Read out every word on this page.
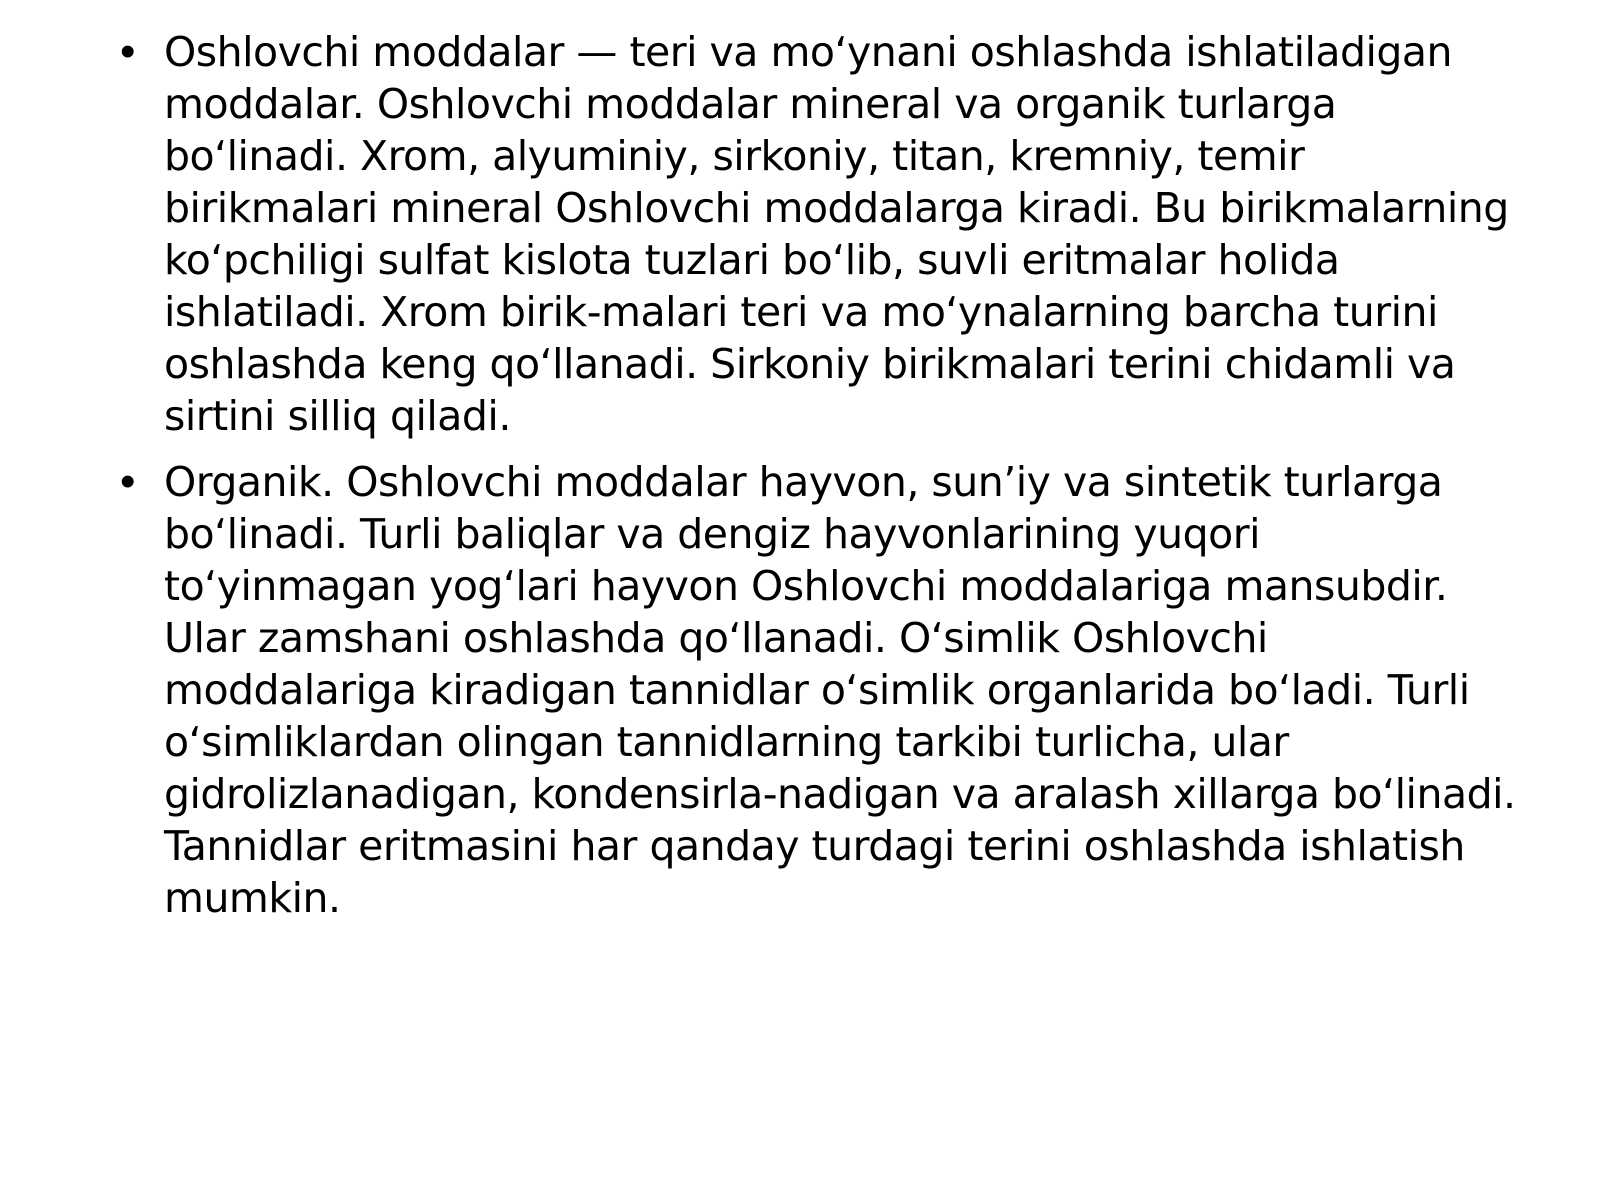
• Oshlovchi moddalar — teri va moʻynani oshlashda ishlatiladigan moddalar. Oshlovchi moddalar mineral va organik turlarga boʻlinadi. Xrom, alyuminiy, sirkoniy, titan, kremniy, temir birikmalari mineral Oshlovchi moddalarga kiradi. Bu birikmalarning koʻpchiligi sulfat kislota tuzlari boʻlib, suvli eritmalar holida ishlatiladi. Xrom birik-malari teri va moʻynalarning barcha turini oshlashda keng qoʻllanadi. Sirkoniy birikmalari terini chidamli va sirtini silliq qiladi.
• Organik. Oshlovchi moddalar hayvon, sun’iy va sintetik turlarga boʻlinadi. Turli baliqlar va dengiz hayvonlarining yuqori toʻyinmagan yogʻlari hayvon Oshlovchi moddalariga mansubdir. Ular zamshani oshlashda qoʻllanadi. Oʻsimlik Oshlovchi moddalariga kiradigan tannidlar oʻsimlik organlarida boʻladi. Turli oʻsimliklardan olingan tannidlarning tarkibi turlicha, ular gidrolizlanadigan, kondensirla-nadigan va aralash xillarga boʻlinadi. Tannidlar eritmasini har qanday turdagi terini oshlashda ishlatish mumkin.
